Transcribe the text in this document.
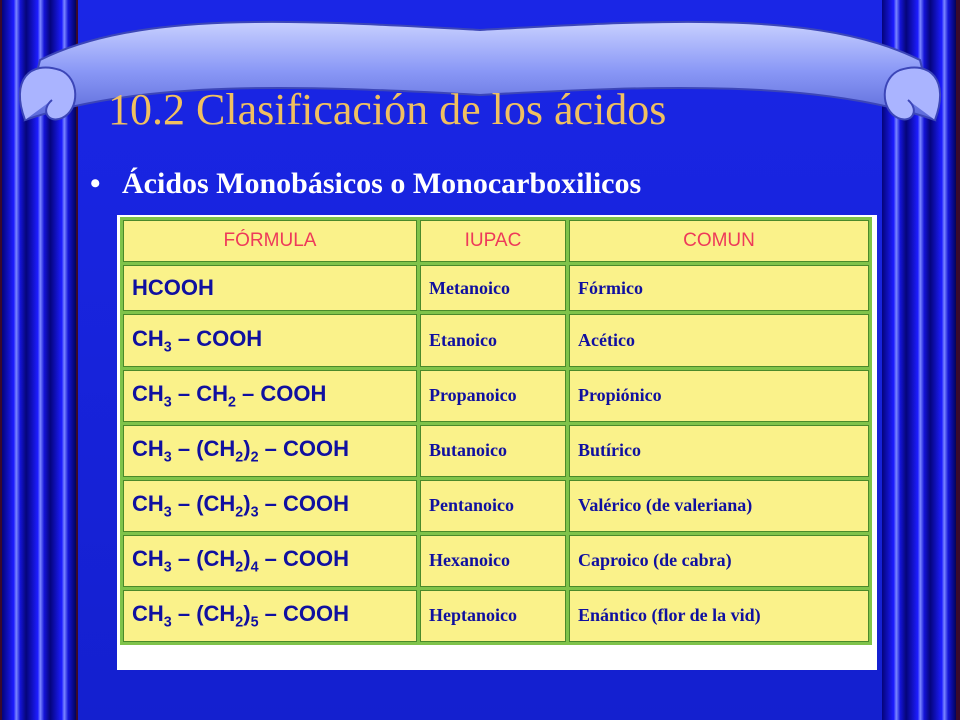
10.2 Clasificación de los ácidos
• Ácidos Monobásicos o Monocarboxilicos
FÓRMULA	IUPAC	COMUN
HCOOH	Metanoico	Fórmico
$CH_3$ – COOH	Etanoico	Acético
$CH_3 - CH_2$ – COOH	Propanoico	Propiónico
$CH_3 - (CH_2)_2$ – COOH	Butanoico	Butírico
$CH_3 - (CH_2)_3$ – COOH	Pentanoico	Valérico (de valeriana)
$CH_3 - (CH_2)_4$ – COOH	Hexanoico	Caproico (de cabra)
$CH_3 - (CH_2)_5$ – COOH	Heptanoico	Enántico (flor de la vid)
